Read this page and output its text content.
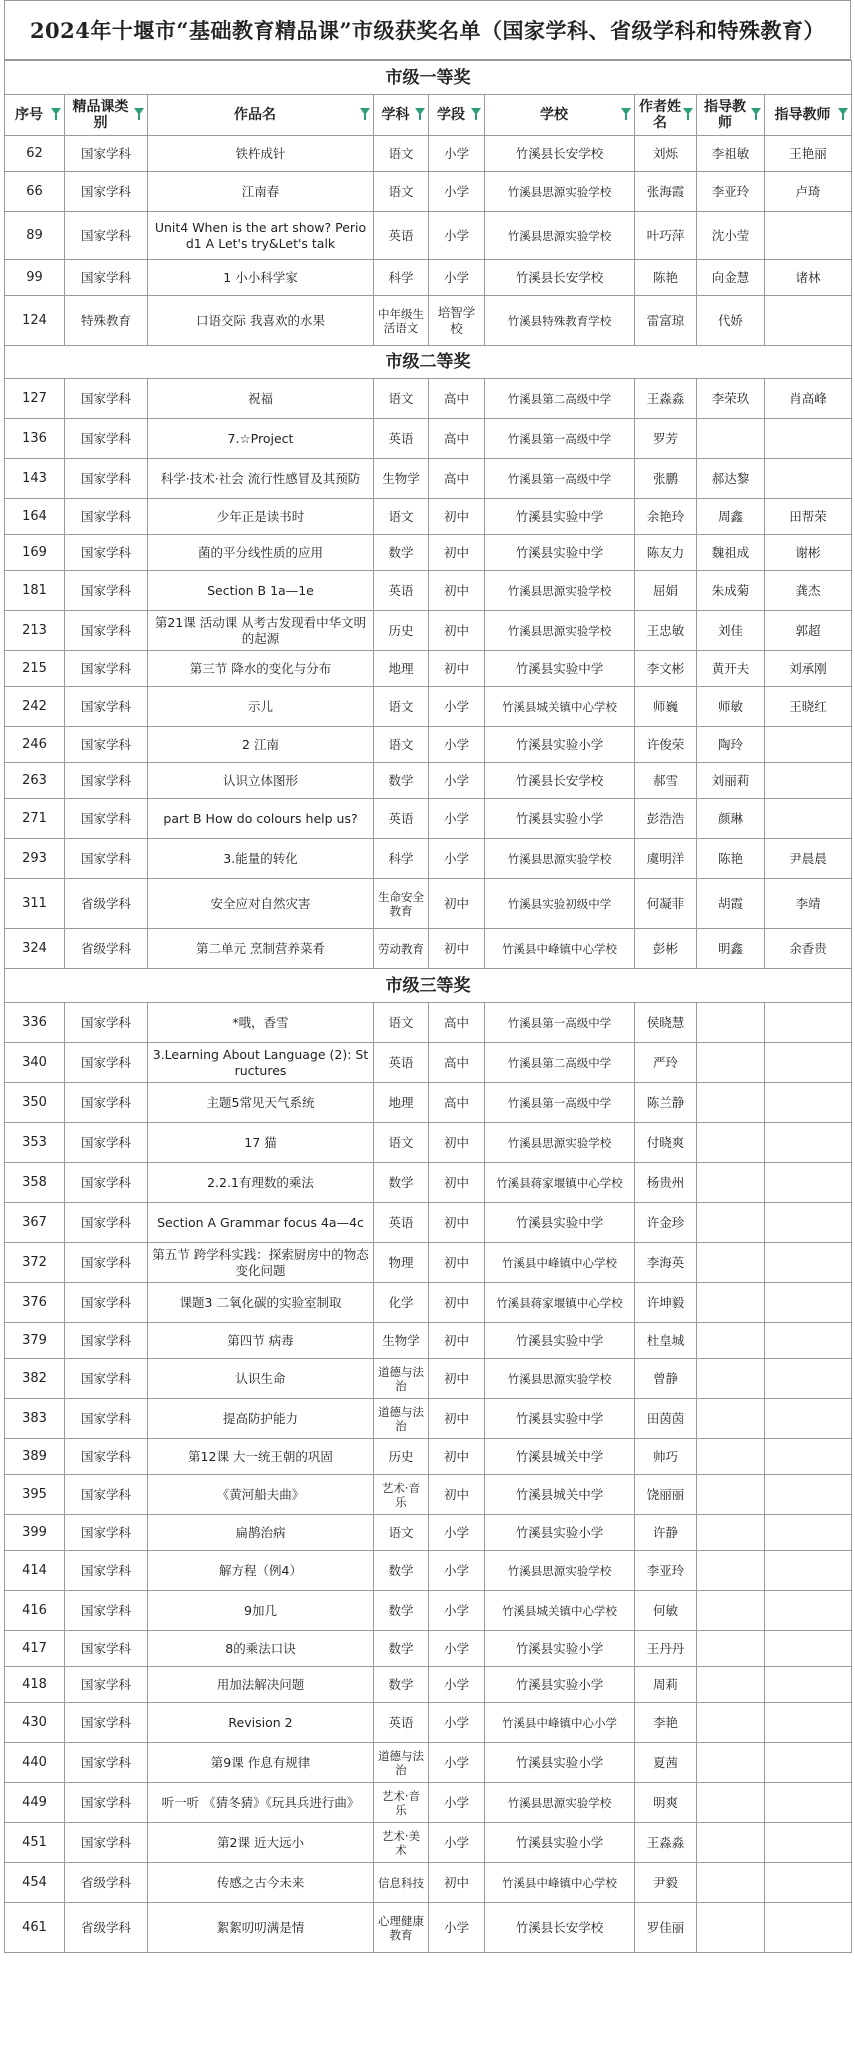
2024年十堰市“基础教育精品课”市级获奖名单（国家学科、省级学科和特殊教育）
市级一等奖								
序号	精品课类别	作品名	学科	学段	学校	作者姓名	指导教师	指导教师

62	国家学科	铁杵成针	语文	小学	竹溪县长安学校	刘烁	李祖敏	王艳丽
66	国家学科	江南春	语文	小学	竹溪县思源实验学校	张海霞	李亚玲	卢琦
89	国家学科	Unit4 When is the art show? Period1 A Let's try&Let's talk	英语	小学	竹溪县思源实验学校	叶巧萍	沈小莹	
99	国家学科	1 小小科学家	科学	小学	竹溪县长安学校	陈艳	向金慧	诸林
124	特殊教育	口语交际 我喜欢的水果	中年级生活语文	培智学校	竹溪县特殊教育学校	雷富琼	代娇	
市级二等奖								
127	国家学科	祝福	语文	高中	竹溪县第二高级中学	王淼淼	李荣玖	肖高峰
136	国家学科	7.☆Project	英语	高中	竹溪县第一高级中学	罗芳		
143	国家学科	科学·技术·社会 流行性感冒及其预防	生物学	高中	竹溪县第一高级中学	张鹏	郝达黎	
164	国家学科	少年正是读书时	语文	初中	竹溪县实验中学	余艳玲	周鑫	田帮荣
169	国家学科	菌的平分线性质的应用	数学	初中	竹溪县实验中学	陈友力	魏祖成	谢彬
181	国家学科	Section B 1a—1e	英语	初中	竹溪县思源实验学校	屈娟	朱成菊	龚杰
213	国家学科	第21课 活动课 从考古发现看中华文明的起源	历史	初中	竹溪县思源实验学校	王忠敏	刘佳	郭超
215	国家学科	第三节 降水的变化与分布	地理	初中	竹溪县实验中学	李文彬	黄开夫	刘承刚
242	国家学科	示儿	语文	小学	竹溪县城关镇中心学校	师巍	师敏	王晓红
246	国家学科	2 江南	语文	小学	竹溪县实验小学	许俊荣	陶玲	
263	国家学科	认识立体图形	数学	小学	竹溪县长安学校	郝雪	刘丽莉	
271	国家学科	part B How do colours help us?	英语	小学	竹溪县实验小学	彭浩浩	颜琳	
293	国家学科	3.能量的转化	科学	小学	竹溪县思源实验学校	虞明洋	陈艳	尹晨晨
311	省级学科	安全应对自然灾害	生命安全教育	初中	竹溪县实验初级中学	何凝菲	胡霞	李靖
324	省级学科	第二单元 烹制营养菜肴	劳动教育	初中	竹溪县中峰镇中心学校	彭彬	明鑫	余香贵
市级三等奖								
336	国家学科	*哦，香雪	语文	高中	竹溪县第一高级中学	侯晓慧		
340	国家学科	3.Learning About Language (2): Structures	英语	高中	竹溪县第二高级中学	严玲		
350	国家学科	主题5常见天气系统	地理	高中	竹溪县第一高级中学	陈兰静		
353	国家学科	17 猫	语文	初中	竹溪县思源实验学校	付晓爽		
358	国家学科	2.2.1有理数的乘法	数学	初中	竹溪县蒋家堰镇中心学校	杨贵州		
367	国家学科	Section A Grammar focus 4a—4c	英语	初中	竹溪县实验中学	许金珍		
372	国家学科	第五节 跨学科实践：探索厨房中的物态变化问题	物理	初中	竹溪县中峰镇中心学校	李海英		
376	国家学科	课题3 二氧化碳的实验室制取	化学	初中	竹溪县蒋家堰镇中心学校	许坤毅		
379	国家学科	第四节 病毒	生物学	初中	竹溪县实验中学	杜皇城		
382	国家学科	认识生命	道德与法治	初中	竹溪县思源实验学校	曾静		
383	国家学科	提高防护能力	道德与法治	初中	竹溪县实验中学	田茵茵		
389	国家学科	第12课 大一统王朝的巩固	历史	初中	竹溪县城关中学	帅巧		
395	国家学科	《黄河船夫曲》	艺术·音乐	初中	竹溪县城关中学	饶丽丽		
399	国家学科	扁鹊治病	语文	小学	竹溪县实验小学	许静		
414	国家学科	解方程（例4）	数学	小学	竹溪县思源实验学校	李亚玲		
416	国家学科	9加几	数学	小学	竹溪县城关镇中心学校	何敏		
417	国家学科	8的乘法口诀	数学	小学	竹溪县实验小学	王丹丹		
418	国家学科	用加法解决问题	数学	小学	竹溪县实验小学	周莉		
430	国家学科	Revision 2	英语	小学	竹溪县中峰镇中心小学	李艳		
440	国家学科	第9课 作息有规律	道德与法治	小学	竹溪县实验小学	夏茜		
449	国家学科	听一听 《猜冬猜》《玩具兵进行曲》	艺术·音乐	小学	竹溪县思源实验学校	明爽		
451	国家学科	第2课 近大远小	艺术·美术	小学	竹溪县实验小学	王淼淼		
454	省级学科	传感之古今未来	信息科技	初中	竹溪县中峰镇中心学校	尹毅		
461	省级学科	絮絮叨叨满是情	心理健康教育	小学	竹溪县长安学校	罗佳丽		
